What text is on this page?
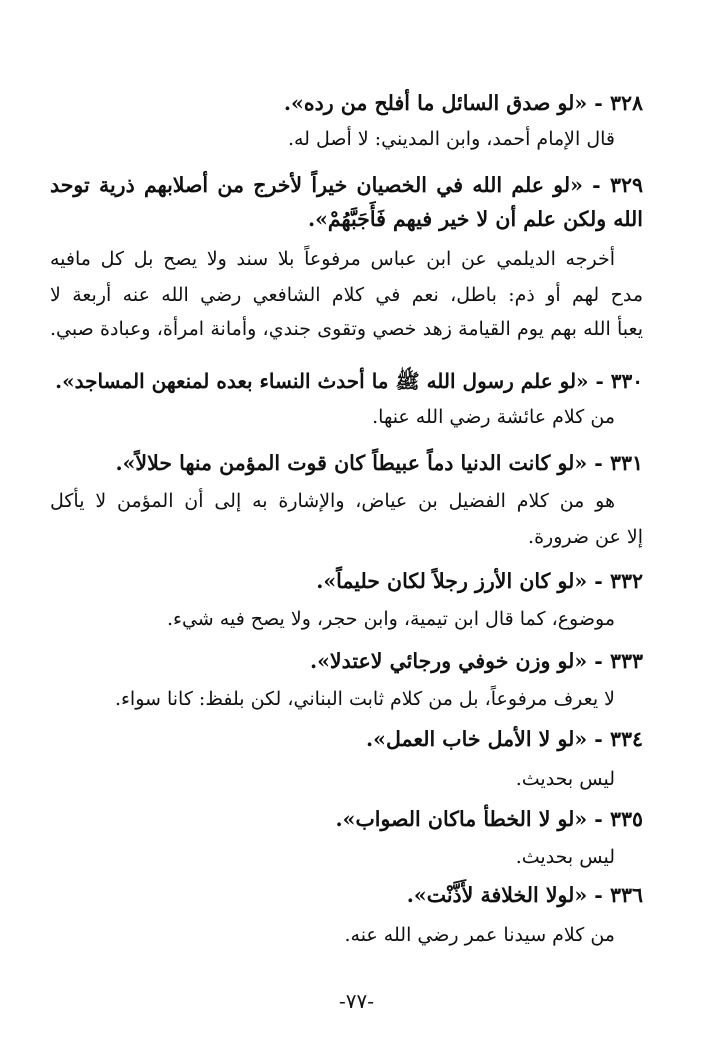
٣٢٨ - «لو صدق السائل ما أفلح من رده».
قال الإمام أحمد، وابن المديني: لا أصل له.
٣٢٩ - «لو علم الله في الخصيان خيراً لأخرج من أصلابهم ذرية توحد
الله ولكن علم أن لا خير فيهم فَأَجَبَّهُمْ».
أخرجه الديلمي عن ابن عباس مرفوعاً بلا سند ولا يصح بل كل مافيه
مدح لهم أو ذم: باطل، نعم في كلام الشافعي رضي الله عنه أربعة لا
يعبأ الله بهم يوم القيامة زهد خصي وتقوى جندي، وأمانة امرأة، وعبادة صبي.
٣٣٠ - «لو علم رسول الله ﷺ ما أحدث النساء بعده لمنعهن المساجد».
من كلام عائشة رضي الله عنها.
٣٣١ - «لو كانت الدنيا دماً عبيطاً كان قوت المؤمن منها حلالاً».
هو من كلام الفضيل بن عياض، والإشارة به إلى أن المؤمن لا يأكل
إلا عن ضرورة.
٣٣٢ - «لو كان الأرز رجلاً لكان حليماً».
موضوع، كما قال ابن تيمية، وابن حجر، ولا يصح فيه شيء.
٣٣٣ - «لو وزن خوفي ورجائي لاعتدلا».
لا يعرف مرفوعاً، بل من كلام ثابت البناني، لكن بلفظ: كانا سواء.
٣٣٤ - «لو لا الأمل خاب العمل».
ليس بحديث.
٣٣٥ - «لو لا الخطأ ماكان الصواب».
ليس بحديث.
٣٣٦ - «لولا الخلافة لأَذَّنْت».
من كلام سيدنا عمر رضي الله عنه.
-٧٧-
